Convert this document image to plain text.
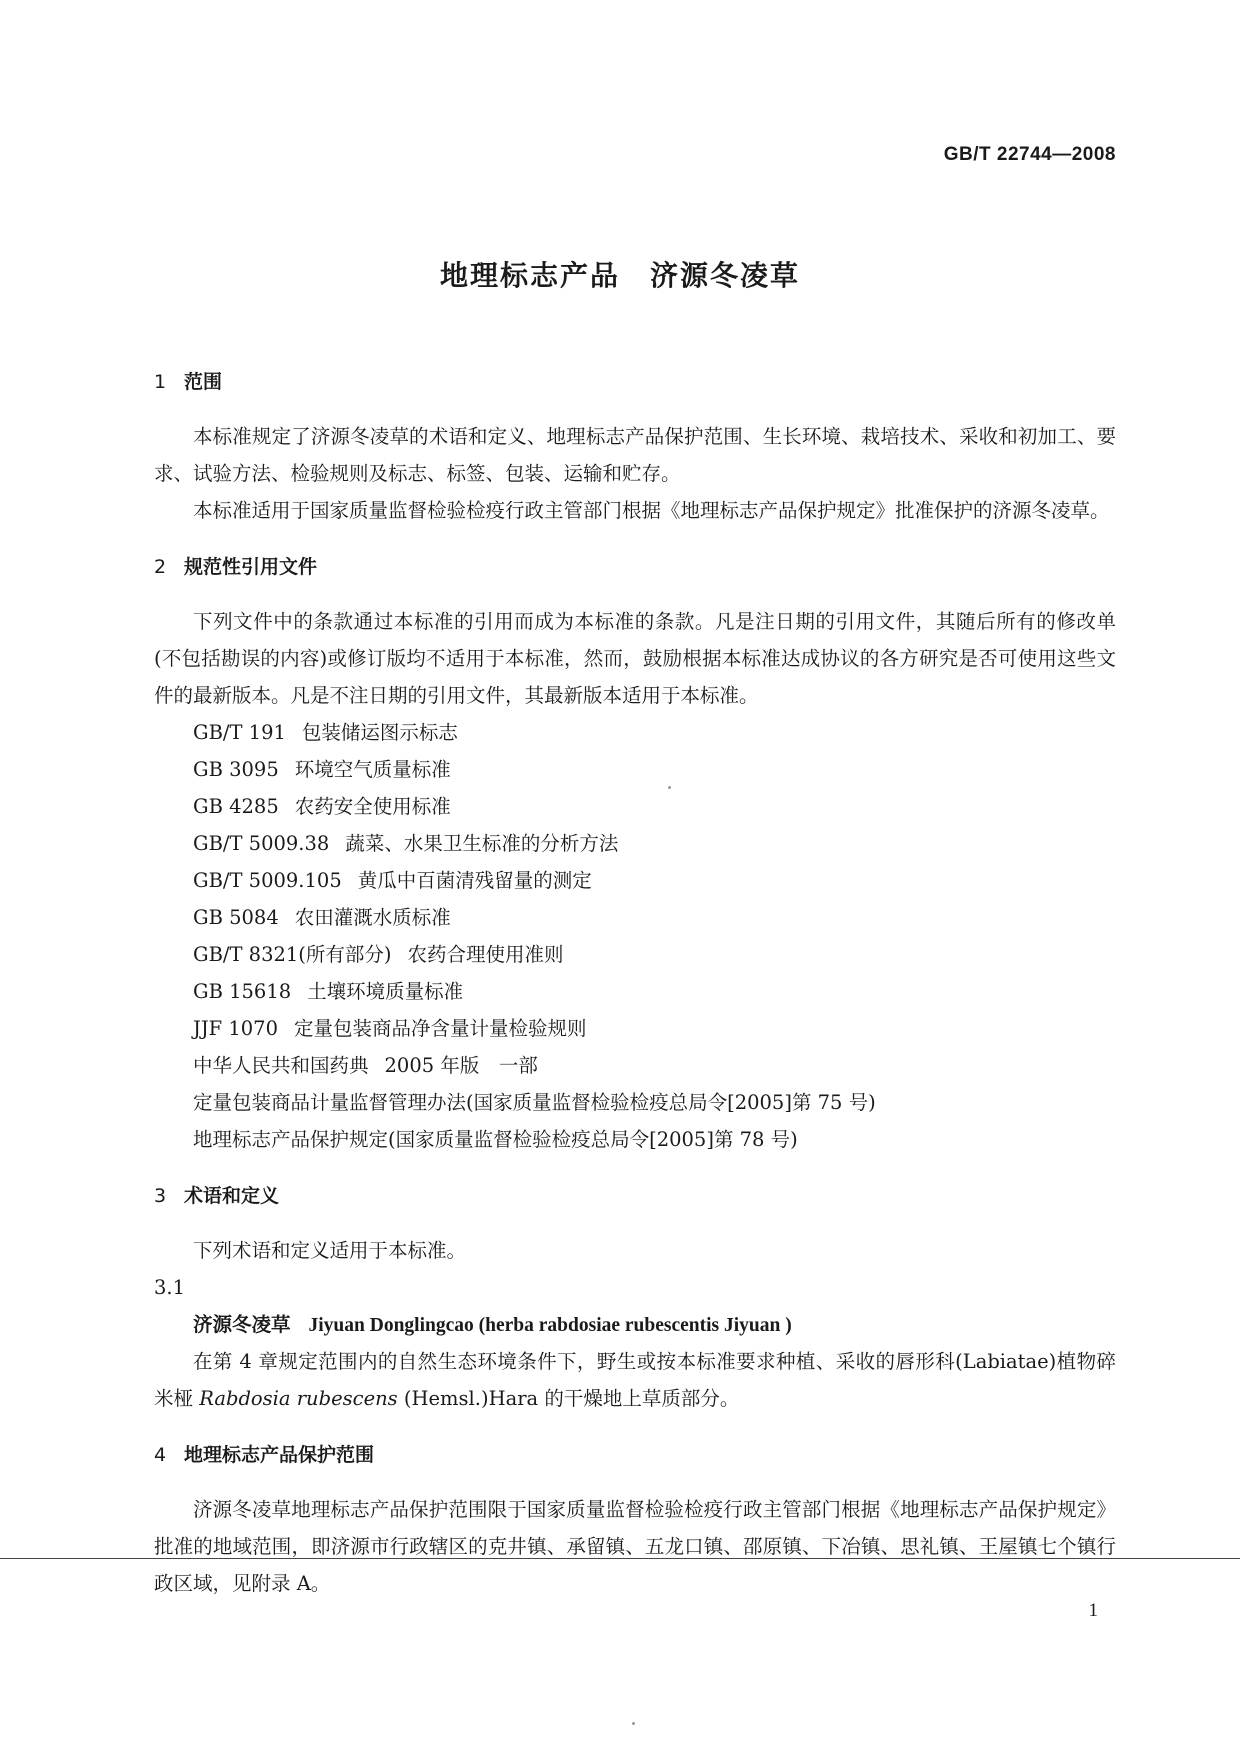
GB/T 22744—2008
地理标志产品　济源冬凌草
1 范围

本标准规定了济源冬凌草的术语和定义、地理标志产品保护范围、生长环境、栽培技术、采收和初加工、要求、试验方法、检验规则及标志、标签、包装、运输和贮存。

本标准适用于国家质量监督检验检疫行政主管部门根据《地理标志产品保护规定》批准保护的济源冬凌草。

2 规范性引用文件

下列文件中的条款通过本标准的引用而成为本标准的条款。凡是注日期的引用文件，其随后所有的修改单(不包括勘误的内容)或修订版均不适用于本标准，然而，鼓励根据本标准达成协议的各方研究是否可使用这些文件的最新版本。凡是不注日期的引用文件，其最新版本适用于本标准。

GB/T 191 包装储运图示标志
GB 3095 环境空气质量标准
GB 4285 农药安全使用标准
GB/T 5009.38 蔬菜、水果卫生标准的分析方法
GB/T 5009.105 黄瓜中百菌清残留量的测定
GB 5084 农田灌溉水质标准
GB/T 8321(所有部分) 农药合理使用准则
GB 15618 土壤环境质量标准
JJF 1070 定量包装商品净含量计量检验规则
中华人民共和国药典 2005 年版　一部
定量包装商品计量监督管理办法(国家质量监督检验检疫总局令[2005]第 75 号)
地理标志产品保护规定(国家质量监督检验检疫总局令[2005]第 78 号)
3 术语和定义

下列术语和定义适用于本标准。

3.1
济源冬凌草 Jiyuan Donglingcao (herba rabdosiae rubescentis Jiyuan )

在第 4 章规定范围内的自然生态环境条件下，野生或按本标准要求种植、采收的唇形科(Labiatae)植物碎米桠 Rabdosia rubescens (Hemsl.)Hara 的干燥地上草质部分。

4 地理标志产品保护范围

济源冬凌草地理标志产品保护范围限于国家质量监督检验检疫行政主管部门根据《地理标志产品保护规定》批准的地域范围，即济源市行政辖区的克井镇、承留镇、五龙口镇、邵原镇、下冶镇、思礼镇、王屋镇七个镇行政区域，见附录 A。

1
